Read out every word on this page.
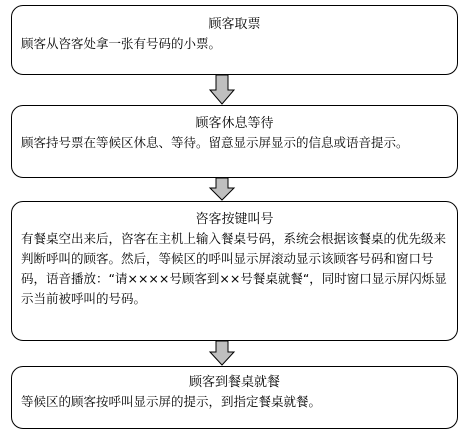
顾客取票
顾客从咨客处拿一张有号码的小票。
顾客休息等待
顾客持号票在等候区休息、等待。留意显示屏显示的信息或语音提示。
咨客按键叫号
有餐桌空出来后，咨客在主机上输入餐桌号码，系统会根据该餐桌的优先级来判断呼叫的顾客。然后，等候区的呼叫显示屏滚动显示该顾客号码和窗口号码，语音播放：“请××××号顾客到××号餐桌就餐“，同时窗口显示屏闪烁显示当前被呼叫的号码。
顾客到餐桌就餐
等候区的顾客按呼叫显示屏的提示，到指定餐桌就餐。
